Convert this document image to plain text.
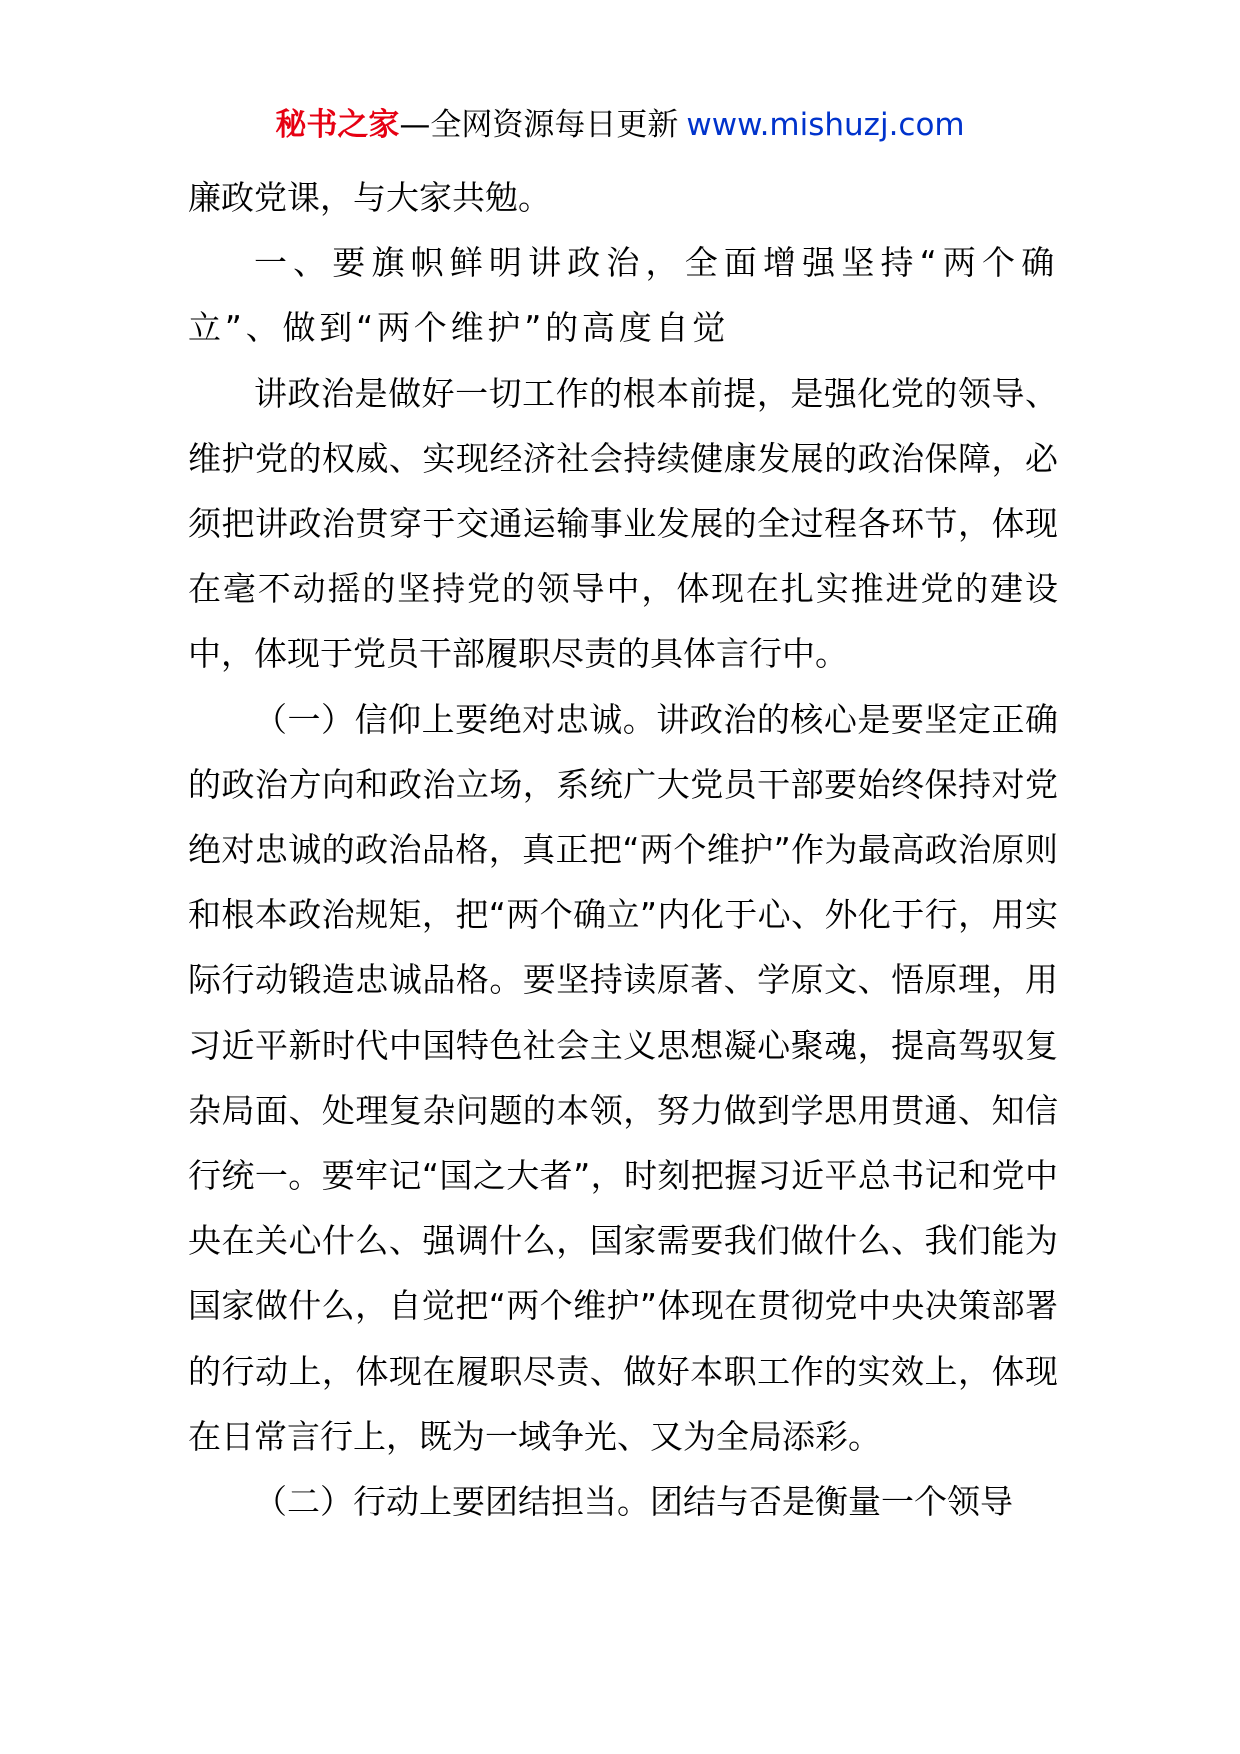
秘书之家—全网资源每日更新 www.mishuzj.com

廉政党课，与大家共勉。

一、要旗帜鲜明讲政治，全面增强坚持“两个确立”、做到“两个维护”的高度自觉

讲政治是做好一切工作的根本前提，是强化党的领导、维护党的权威、实现经济社会持续健康发展的政治保障，必须把讲政治贯穿于交通运输事业发展的全过程各环节，体现在毫不动摇的坚持党的领导中，体现在扎实推进党的建设中，体现于党员干部履职尽责的具体言行中。

（一）信仰上要绝对忠诚。讲政治的核心是要坚定正确的政治方向和政治立场，系统广大党员干部要始终保持对党绝对忠诚的政治品格，真正把“两个维护”作为最高政治原则和根本政治规矩，把“两个确立”内化于心、外化于行，用实际行动锻造忠诚品格。要坚持读原著、学原文、悟原理，用习近平新时代中国特色社会主义思想凝心聚魂，提高驾驭复杂局面、处理复杂问题的本领，努力做到学思用贯通、知信行统一。要牢记“国之大者”，时刻把握习近平总书记和党中央在关心什么、强调什么，国家需要我们做什么、我们能为国家做什么，自觉把“两个维护”体现在贯彻党中央决策部署的行动上，体现在履职尽责、做好本职工作的实效上，体现在日常言行上，既为一域争光、又为全局添彩。

（二）行动上要团结担当。团结与否是衡量一个领导
